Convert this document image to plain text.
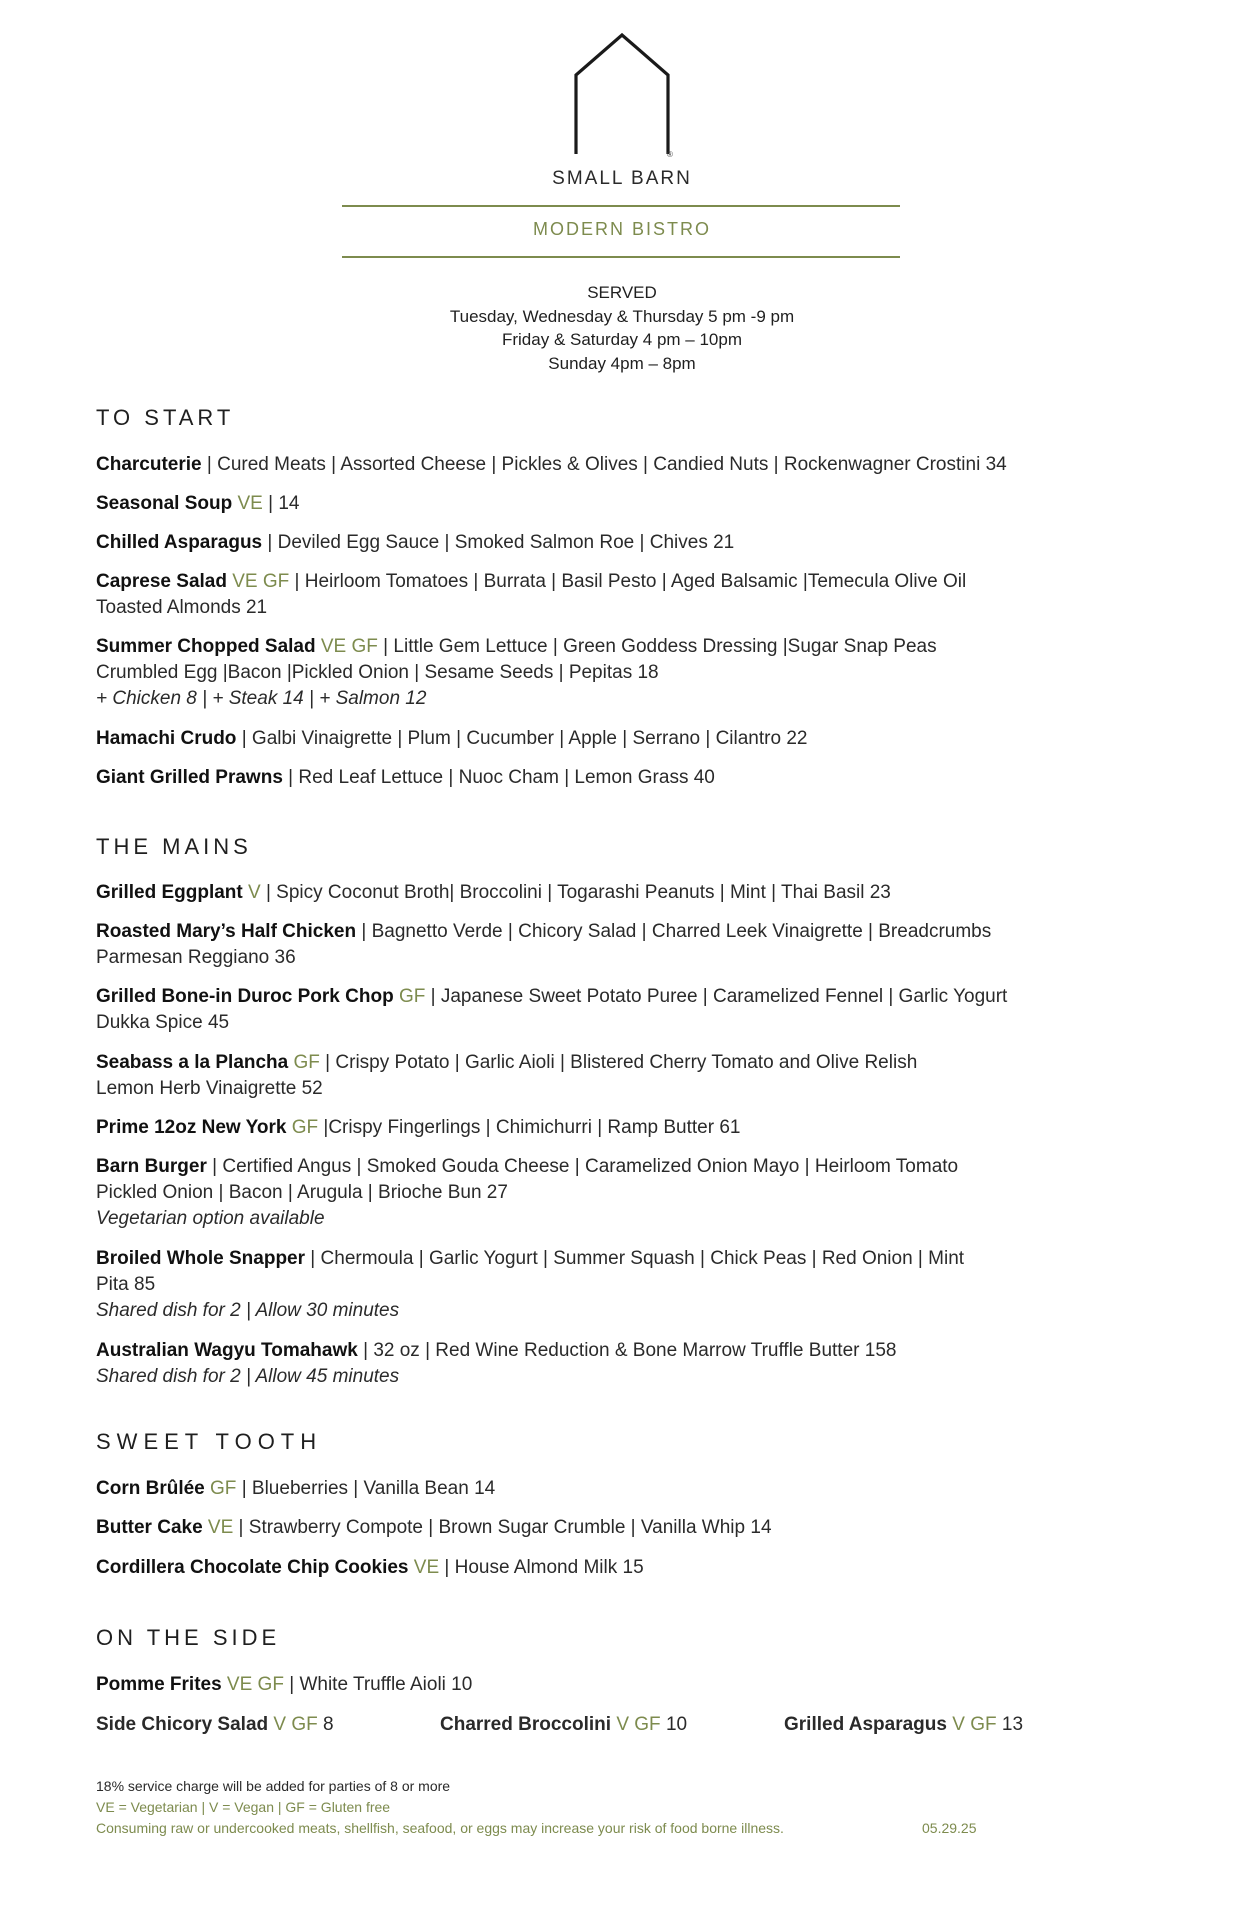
®
SMALL BARN
MODERN BISTRO
SERVED
Tuesday, Wednesday & Thursday 5 pm -9 pm
Friday & Saturday 4 pm – 10pm
Sunday 4pm – 8pm
TO START
Charcuterie | Cured Meats | Assorted Cheese | Pickles & Olives | Candied Nuts | Rockenwagner Crostini 34
Seasonal Soup VE | 14
Chilled Asparagus | Deviled Egg Sauce | Smoked Salmon Roe | Chives 21
Caprese Salad VE GF | Heirloom Tomatoes | Burrata | Basil Pesto | Aged Balsamic |Temecula Olive Oil
Toasted Almonds 21
Summer Chopped Salad VE GF | Little Gem Lettuce | Green Goddess Dressing |Sugar Snap Peas
Crumbled Egg |Bacon |Pickled Onion | Sesame Seeds | Pepitas 18
+ Chicken 8 | + Steak 14 | + Salmon 12
Hamachi Crudo | Galbi Vinaigrette | Plum | Cucumber | Apple | Serrano | Cilantro 22
Giant Grilled Prawns | Red Leaf Lettuce | Nuoc Cham | Lemon Grass 40
THE MAINS
Grilled Eggplant V | Spicy Coconut Broth| Broccolini | Togarashi Peanuts | Mint | Thai Basil 23
Roasted Mary’s Half Chicken | Bagnetto Verde | Chicory Salad | Charred Leek Vinaigrette | Breadcrumbs
Parmesan Reggiano 36
Grilled Bone-in Duroc Pork Chop GF | Japanese Sweet Potato Puree | Caramelized Fennel | Garlic Yogurt
Dukka Spice 45
Seabass a la Plancha GF | Crispy Potato | Garlic Aioli | Blistered Cherry Tomato and Olive Relish
Lemon Herb Vinaigrette 52
Prime 12oz New York GF |Crispy Fingerlings | Chimichurri | Ramp Butter 61
Barn Burger | Certified Angus | Smoked Gouda Cheese | Caramelized Onion Mayo | Heirloom Tomato
Pickled Onion | Bacon | Arugula | Brioche Bun 27
Vegetarian option available
Broiled Whole Snapper | Chermoula | Garlic Yogurt | Summer Squash | Chick Peas | Red Onion | Mint
Pita 85
Shared dish for 2 | Allow 30 minutes
Australian Wagyu Tomahawk | 32 oz | Red Wine Reduction & Bone Marrow Truffle Butter 158
Shared dish for 2 | Allow 45 minutes
SWEET TOOTH
Corn Brûlée GF | Blueberries | Vanilla Bean 14
Butter Cake VE | Strawberry Compote | Brown Sugar Crumble | Vanilla Whip 14
Cordillera Chocolate Chip Cookies VE | House Almond Milk 15
ON THE SIDE
Pomme Frites VE GF | White Truffle Aioli 10
Side Chicory Salad V GF 8	Charred Broccolini V GF 10	Grilled Asparagus V GF 13
18% service charge will be added for parties of 8 or more
VE = Vegetarian | V = Vegan | GF = Gluten free
Consuming raw or undercooked meats, shellfish, seafood, or eggs may increase your risk of food borne illness.	05.29.25
